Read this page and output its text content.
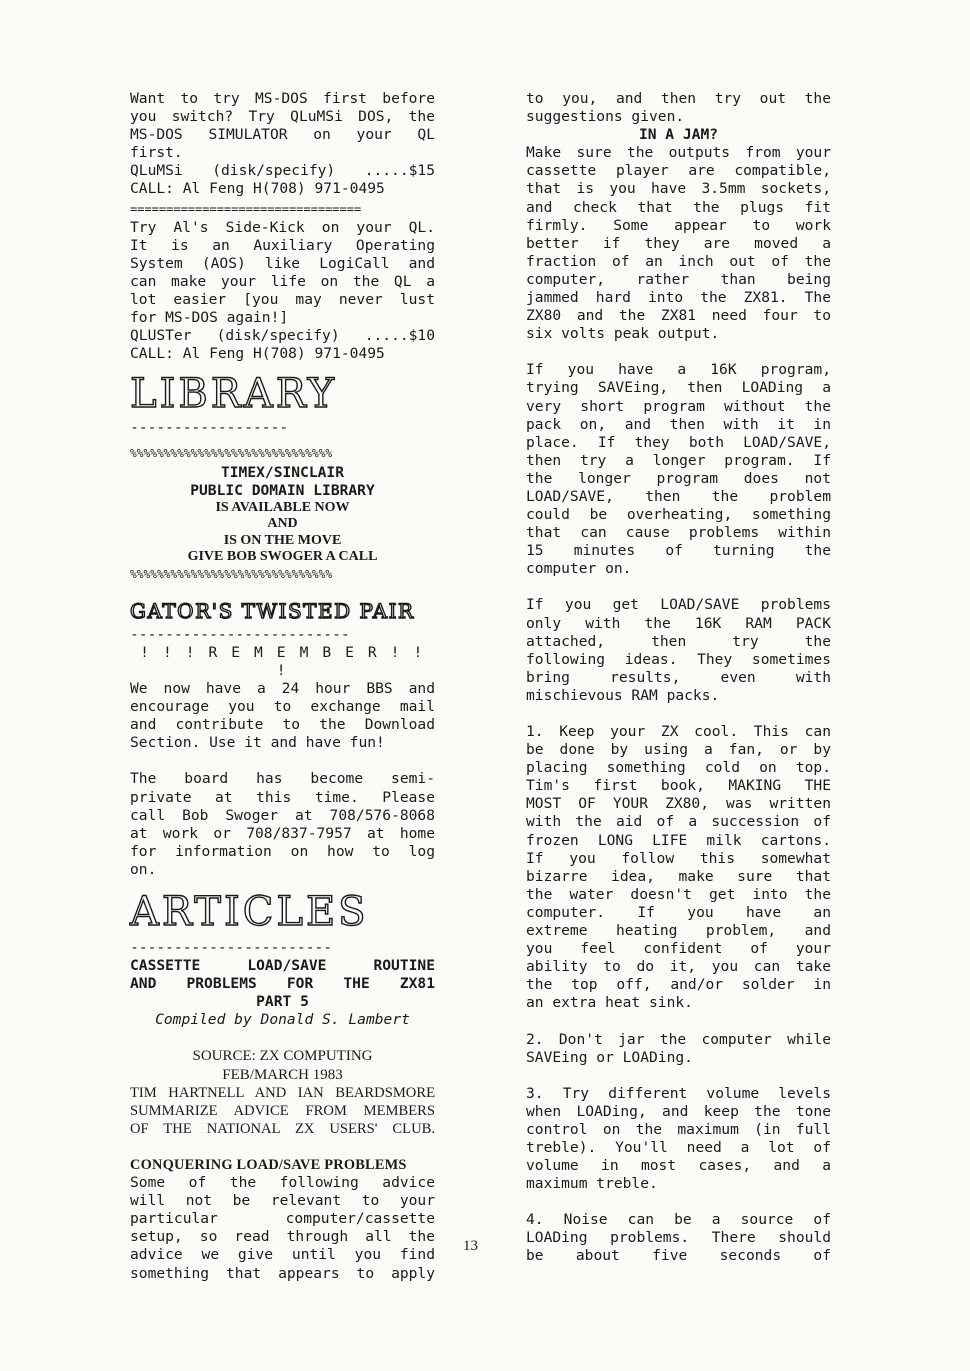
Want to try MS-DOS first before

you switch? Try QLuMSi DOS, the

MS-DOS SIMULATOR on your QL

first.

QLuMSi (disk/specify) .....$15

CALL: Al Feng H(708) 971-0495

================================

Try Al's Side-Kick on your QL.

It is an Auxiliary Operating

System (AOS) like LogiCall and

can make your life on the QL a

lot easier [you may never lust

for MS-DOS again!]

QLUSTer (disk/specify) .....$10

CALL: Al Feng H(708) 971-0495

LIBRARY

------------------

%%%%%%%%%%%%%%%%%%%%%%%%%%%%%%

TIMEX/SINCLAIR

PUBLIC DOMAIN LIBRARY

IS AVAILABLE NOW

AND

IS ON THE MOVE

GIVE BOB SWOGER A CALL

%%%%%%%%%%%%%%%%%%%%%%%%%%%%%%

GATOR'S TWISTED PAIR

-------------------------

! ! ! R E M E M B E R ! ! !

We now have a 24 hour BBS and

encourage you to exchange mail

and contribute to the Download

Section. Use it and have fun!

The board has become semi-

private at this time. Please

call Bob Swoger at 708/576-8068

at work or 708/837-7957 at home

for information on how to log

on.

ARTICLES

-----------------------

CASSETTE LOAD/SAVE ROUTINE

AND PROBLEMS FOR THE ZX81

PART 5

Compiled by Donald S. Lambert

SOURCE: ZX COMPUTING

FEB/MARCH 1983

TIM HARTNELL AND IAN BEARDSMORE

SUMMARIZE ADVICE FROM MEMBERS

OF THE NATIONAL ZX USERS' CLUB.

CONQUERING LOAD/SAVE PROBLEMS

Some of the following advice

will not be relevant to your

particular computer/cassette

setup, so read through all the

advice we give until you find

something that appears to apply

13

to you, and then try out the

suggestions given.

IN A JAM?

Make sure the outputs from your

cassette player are compatible,

that is you have 3.5mm sockets,

and check that the plugs fit

firmly. Some appear to work

better if they are moved a

fraction of an inch out of the

computer, rather than being

jammed hard into the ZX81. The

ZX80 and the ZX81 need four to

six volts peak output.

If you have a 16K program,

trying SAVEing, then LOADing a

very short program without the

pack on, and then with it in

place. If they both LOAD/SAVE,

then try a longer program. If

the longer program does not

LOAD/SAVE, then the problem

could be overheating, something

that can cause problems within

15 minutes of turning the

computer on.

If you get LOAD/SAVE problems

only with the 16K RAM PACK

attached, then try the

following ideas. They sometimes

bring results, even with

mischievous RAM packs.

1. Keep your ZX cool. This can

be done by using a fan, or by

placing something cold on top.

Tim's first book, MAKING THE

MOST OF YOUR ZX80, was written

with the aid of a succession of

frozen LONG LIFE milk cartons.

If you follow this somewhat

bizarre idea, make sure that

the water doesn't get into the

computer. If you have an

extreme heating problem, and

you feel confident of your

ability to do it, you can take

the top off, and/or solder in

an extra heat sink.

2. Don't jar the computer while

SAVEing or LOADing.

3. Try different volume levels

when LOADing, and keep the tone

control on the maximum (in full

treble). You'll need a lot of

volume in most cases, and a

maximum treble.

4. Noise can be a source of

LOADing problems. There should

be about five seconds of
